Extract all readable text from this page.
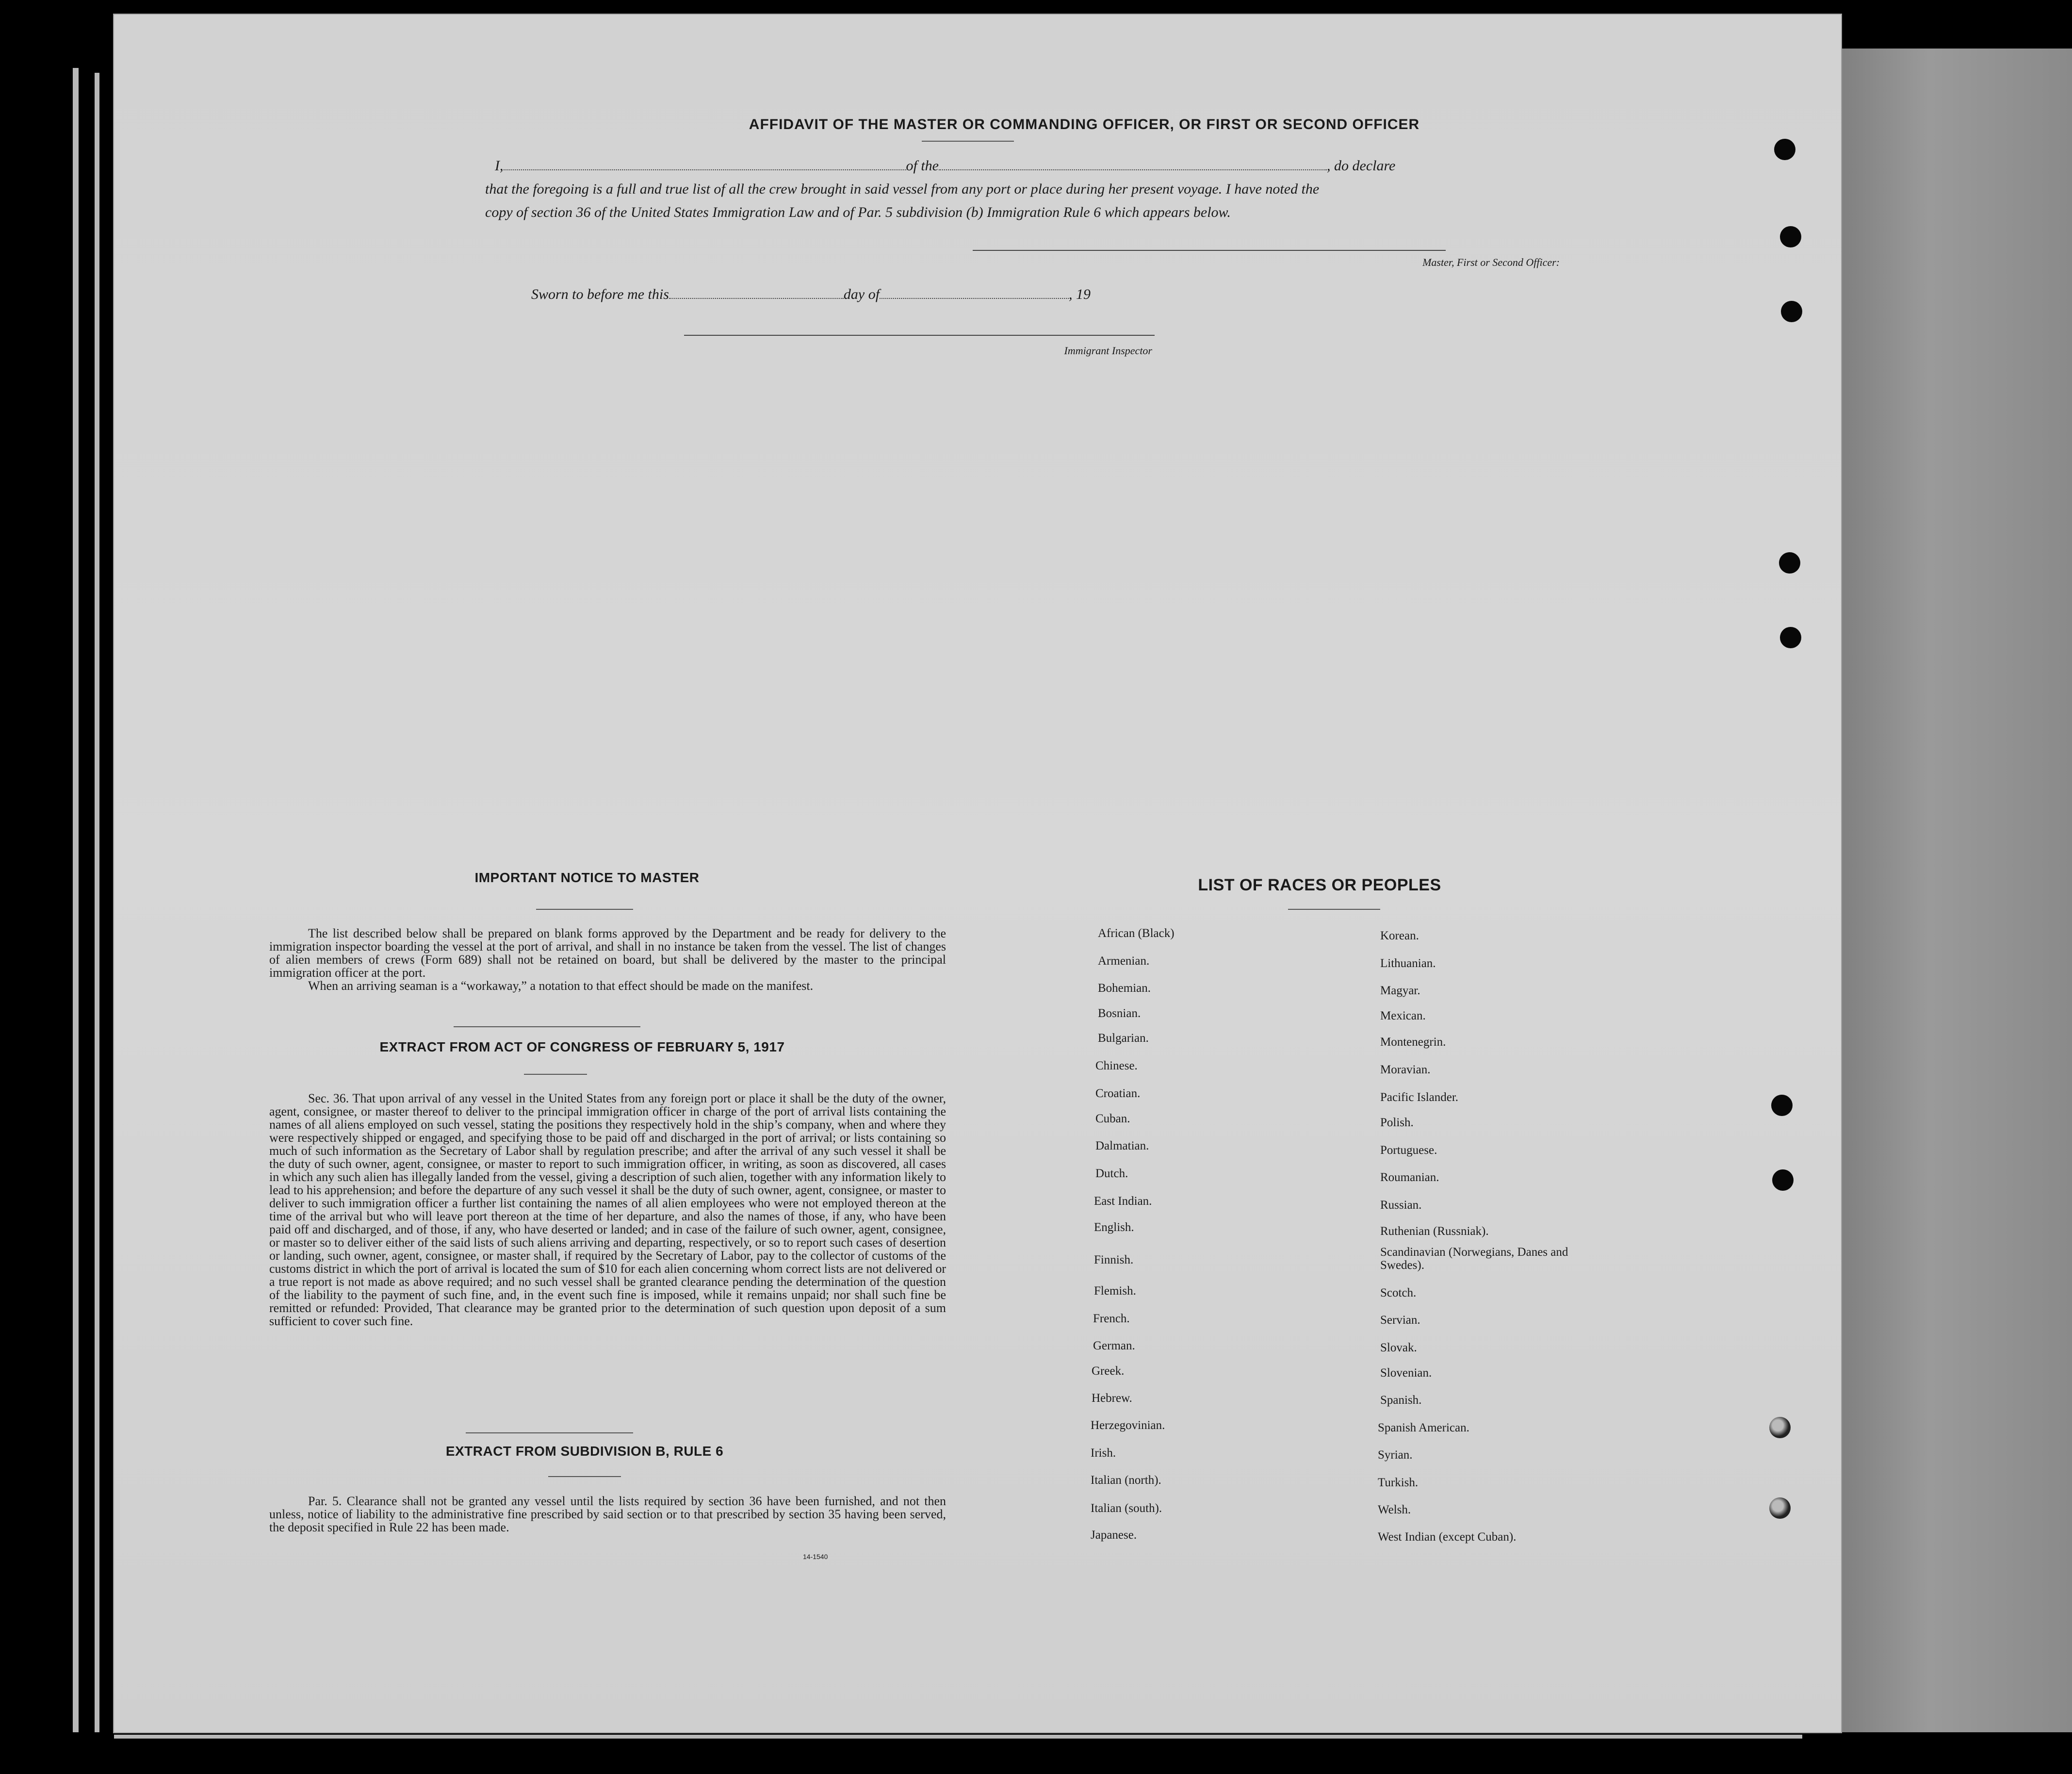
AFFIDAVIT OF THE MASTER OR COMMANDING OFFICER, OR FIRST OR SECOND OFFICER
I,	of the	, do declare
that the foregoing is a full and true list of all the crew brought in said vessel from any port or place during her present voyage. I have noted the
copy of section 36 of the United States Immigration Law and of Par. 5 subdivision (b) Immigration Rule 6 which appears below.
Master, First or Second Officer:
Sworn to before me this	day of	, 19
Immigrant Inspector
IMPORTANT NOTICE TO MASTER

The list described below shall be prepared on blank forms approved by the Department and be ready for delivery to the immigration inspector boarding the vessel at the port of arrival, and shall in no instance be taken from the vessel. The list of changes of alien members of crews (Form 689) shall not be retained on board, but shall be delivered by the master to the principal immigration officer at the port.

When an arriving seaman is a “workaway,” a notation to that effect should be made on the manifest.

EXTRACT FROM ACT OF CONGRESS OF FEBRUARY 5, 1917

Sec. 36. That upon arrival of any vessel in the United States from any foreign port or place it shall be the duty of the owner, agent, consignee, or master thereof to deliver to the principal immigration officer in charge of the port of arrival lists containing the names of all aliens employed on such vessel, stating the positions they respectively hold in the ship’s company, when and where they were respectively shipped or engaged, and specifying those to be paid off and discharged in the port of arrival; or lists containing so much of such information as the Secretary of Labor shall by regulation prescribe; and after the arrival of any such vessel it shall be the duty of such owner, agent, consignee, or master to report to such immigration officer, in writing, as soon as discovered, all cases in which any such alien has illegally landed from the vessel, giving a description of such alien, together with any information likely to lead to his apprehension; and before the departure of any such vessel it shall be the duty of such owner, agent, consignee, or master to deliver to such immigration officer a further list containing the names of all alien employees who were not employed thereon at the time of the arrival but who will leave port thereon at the time of her departure, and also the names of those, if any, who have been paid off and discharged, and of those, if any, who have deserted or landed; and in case of the failure of such owner, agent, consignee, or master so to deliver either of the said lists of such aliens arriving and departing, respectively, or so to report such cases of desertion or landing, such owner, agent, consignee, or master shall, if required by the Secretary of Labor, pay to the collector of customs of the customs district in which the port of arrival is located the sum of $10 for each alien concerning whom correct lists are not delivered or a true report is not made as above required; and no such vessel shall be granted clearance pending the determination of the question of the liability to the payment of such fine, and, in the event such fine is imposed, while it remains unpaid; nor shall such fine be remitted or refunded: Provided, That clearance may be granted prior to the determination of such question upon deposit of a sum sufficient to cover such fine.

EXTRACT FROM SUBDIVISION B, RULE 6

Par. 5. Clearance shall not be granted any vessel until the lists required by section 36 have been furnished, and not then unless, notice of liability to the administrative fine prescribed by said section or to that prescribed by section 35 having been served, the deposit specified in Rule 22 has been made.

14-1540
LIST OF RACES OR PEOPLES
African (Black)
Armenian.
Bohemian.
Bosnian.
Bulgarian.
Chinese.
Croatian.
Cuban.
Dalmatian.
Dutch.
East Indian.
English.
Finnish.
Flemish.
French.
German.
Greek.
Hebrew.
Herzegovinian.
Irish.
Italian (north).
Italian (south).
Japanese.
Korean.
Lithuanian.
Magyar.
Mexican.
Montenegrin.
Moravian.
Pacific Islander.
Polish.
Portuguese.
Roumanian.
Russian.
Ruthenian (Russniak).
Scandinavian (Norwegians, Danes and Swedes).
Scotch.
Servian.
Slovak.
Slovenian.
Spanish.
Spanish American.
Syrian.
Turkish.
Welsh.
West Indian (except Cuban).
